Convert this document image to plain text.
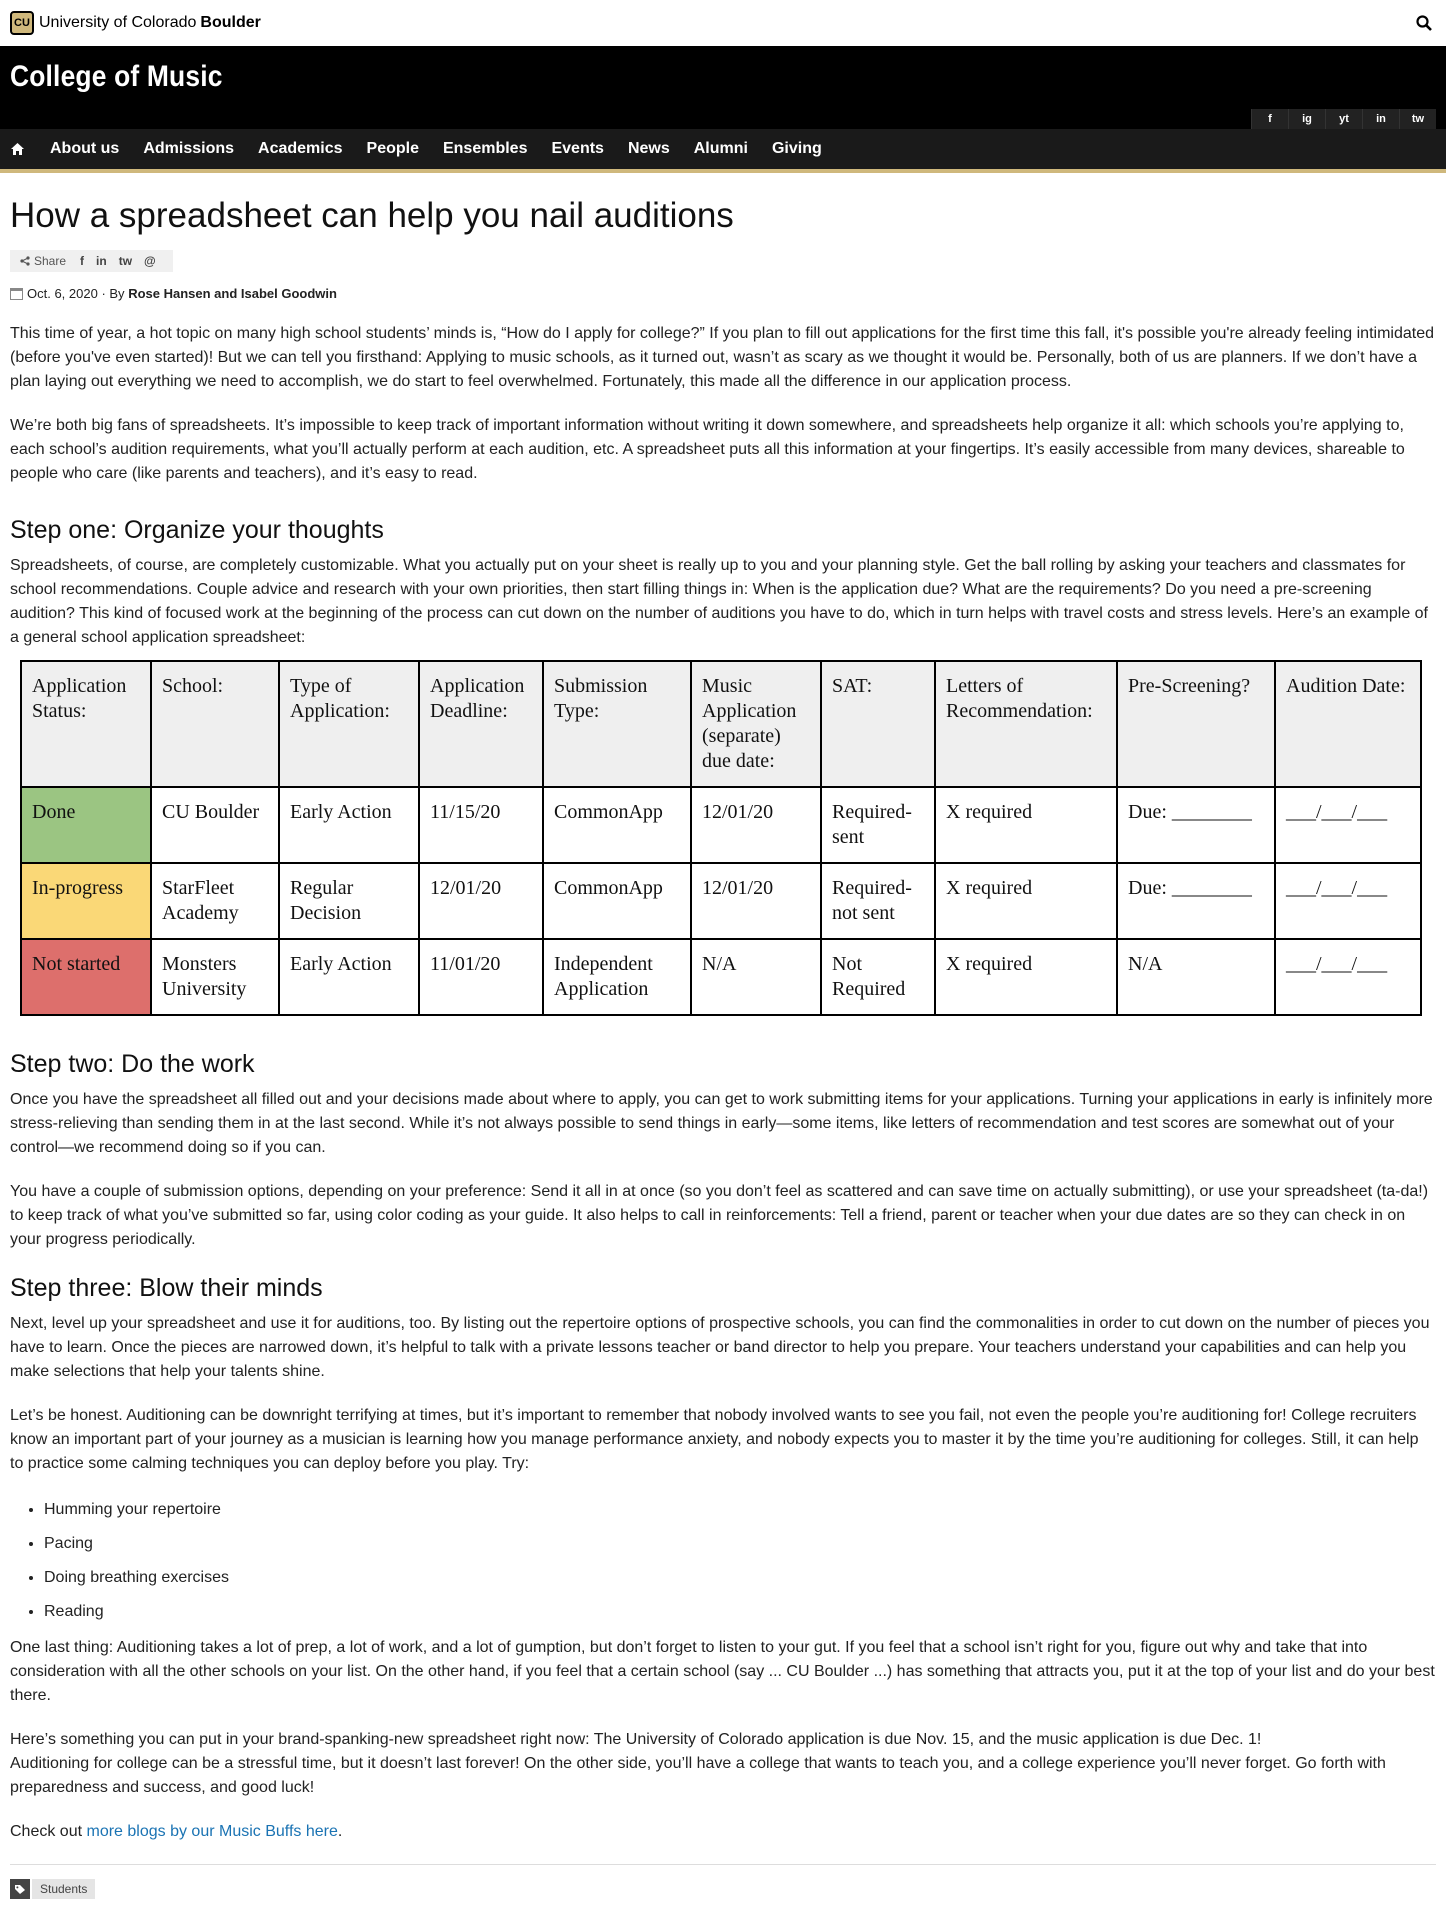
CU University of Colorado Boulder
College of Music
f	ig	yt	in	tw
About us Admissions Academics People Ensembles Events News Alumni Giving
How a spreadsheet can help you nail auditions
Share f in tw @
Oct. 6, 2020 · By
Rose Hansen and Isabel Goodwin

This time of year, a hot topic on many high school students’ minds is, “How do I apply for college?” If you plan to fill out applications for the first time this fall, it's possible you're already feeling intimidated (before you've even started)! But we can tell you firsthand: Applying to music schools, as it turned out, wasn’t as scary as we thought it would be. Personally, both of us are planners. If we don’t have a plan laying out everything we need to accomplish, we do start to feel overwhelmed. Fortunately, this made all the difference in our application process.

We’re both big fans of spreadsheets. It’s impossible to keep track of important information without writing it down somewhere, and spreadsheets help organize it all: which schools you’re applying to, each school’s audition requirements, what you’ll actually perform at each audition, etc. A spreadsheet puts all this information at your fingertips. It’s easily accessible from many devices, shareable to people who care (like parents and teachers), and it’s easy to read.

Step one: Organize your thoughts

Spreadsheets, of course, are completely customizable. What you actually put on your sheet is really up to you and your planning style. Get the ball rolling by asking your teachers and classmates for school recommendations. Couple advice and research with your own priorities, then start filling things in: When is the application due? What are the requirements? Do you need a pre-screening audition? This kind of focused work at the beginning of the process can cut down on the number of auditions you have to do, which in turn helps with travel costs and stress levels. Here’s an example of a general school application spreadsheet:

Application Status:	School:	Type of Application:	Application Deadline:	Submission Type:	Music Application (separate) due date:	SAT:	Letters of Recommendation:	Pre-Screening?	Audition Date:
Done	CU Boulder	Early Action	11/15/20	CommonApp	12/01/20	Required-sent	X required	Due: ________	___/___/___
In-progress	StarFleet Academy	Regular Decision	12/01/20	CommonApp	12/01/20	Required-not sent	X required	Due: ________	___/___/___
Not started	Monsters University	Early Action	11/01/20	Independent Application	N/A	Not Required	X required	N/A	___/___/___
Step two: Do the work

Once you have the spreadsheet all filled out and your decisions made about where to apply, you can get to work submitting items for your applications. Turning your applications in early is infinitely more stress-relieving than sending them in at the last second. While it’s not always possible to send things in early—some items, like letters of recommendation and test scores are somewhat out of your control—we recommend doing so if you can.

You have a couple of submission options, depending on your preference: Send it all in at once (so you don’t feel as scattered and can save time on actually submitting), or use your spreadsheet (ta-da!) to keep track of what you’ve submitted so far, using color coding as your guide. It also helps to call in reinforcements: Tell a friend, parent or teacher when your due dates are so they can check in on your progress periodically.

Step three: Blow their minds

Next, level up your spreadsheet and use it for auditions, too. By listing out the repertoire options of prospective schools, you can find the commonalities in order to cut down on the number of pieces you have to learn. Once the pieces are narrowed down, it’s helpful to talk with a private lessons teacher or band director to help you prepare. Your teachers understand your capabilities and can help you make selections that help your talents shine.

Let’s be honest. Auditioning can be downright terrifying at times, but it’s important to remember that nobody involved wants to see you fail, not even the people you’re auditioning for! College recruiters know an important part of your journey as a musician is learning how you manage performance anxiety, and nobody expects you to master it by the time you’re auditioning for colleges. Still, it can help to practice some calming techniques you can deploy before you play. Try:

• Humming your repertoire
• Pacing
• Doing breathing exercises
• Reading

One last thing: Auditioning takes a lot of prep, a lot of work, and a lot of gumption, but don’t forget to listen to your gut. If you feel that a school isn’t right for you, figure out why and take that into consideration with all the other schools on your list. On the other hand, if you feel that a certain school (say ... CU Boulder ...) has something that attracts you, put it at the top of your list and do your best there.

Here’s something you can put in your brand-spanking-new spreadsheet right now: The University of Colorado application is due Nov. 15, and the music application is due Dec. 1!

Auditioning for college can be a stressful time, but it doesn’t last forever! On the other side, you’ll have a college that wants to teach you, and a college experience you’ll never forget. Go forth with preparedness and success, and good luck!

Check out more blogs by our Music Buffs here.

Students
